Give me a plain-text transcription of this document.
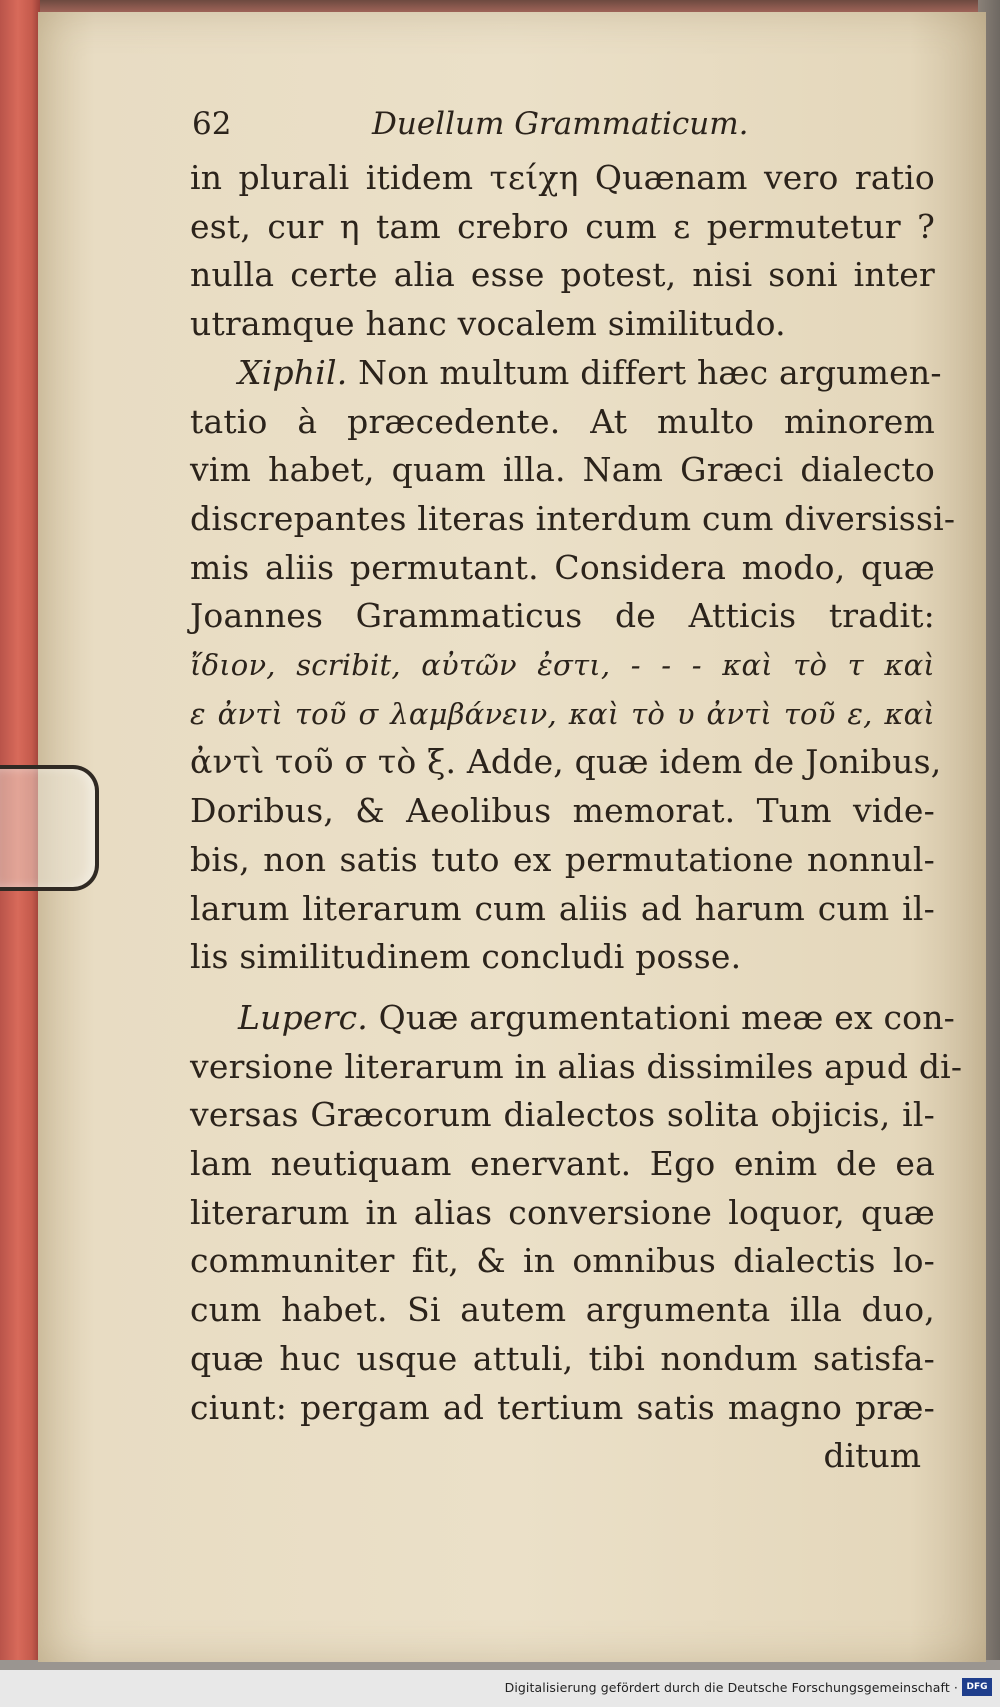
62	Duellum Grammaticum.
in plurali itidem τείχη Quænam vero ratio
est, cur η tam crebro cum ε permutetur ?
nulla certe alia esse potest, nisi soni inter
utramque hanc vocalem similitudo.
Xiphil. Non multum differt hæc argumen-
tatio à præcedente. At multo minorem
vim habet, quam illa. Nam Græci dialecto
discrepantes literas interdum cum diversissi-
mis aliis permutant. Considera modo, quæ
Joannes Grammaticus de Atticis tradit:
ἴδιον, scribit, αὐτῶν ἐστι, - - - καὶ τὸ τ καὶ
ε ἀντὶ τοῦ σ λαμβάνειν, καὶ τὸ υ ἀντὶ τοῦ ε, καὶ
ἀντὶ τοῦ σ τὸ ξ. Adde, quæ idem de Jonibus,
Doribus, & Aeolibus memorat. Tum vide-
bis, non satis tuto ex permutatione nonnul-
larum literarum cum aliis ad harum cum il-
lis similitudinem concludi posse.
Luperc. Quæ argumentationi meæ ex con-
versione literarum in alias dissimiles apud di-
versas Græcorum dialectos solita objicis, il-
lam neutiquam enervant. Ego enim de ea
literarum in alias conversione loquor, quæ
communiter fit, & in omnibus dialectis lo-
cum habet. Si autem argumenta illa duo,
quæ huc usque attuli, tibi nondum satisfa-
ciunt: pergam ad tertium satis magno præ-
ditum
Digitalisierung gefördert durch die Deutsche Forschungsgemeinschaft · DFG
